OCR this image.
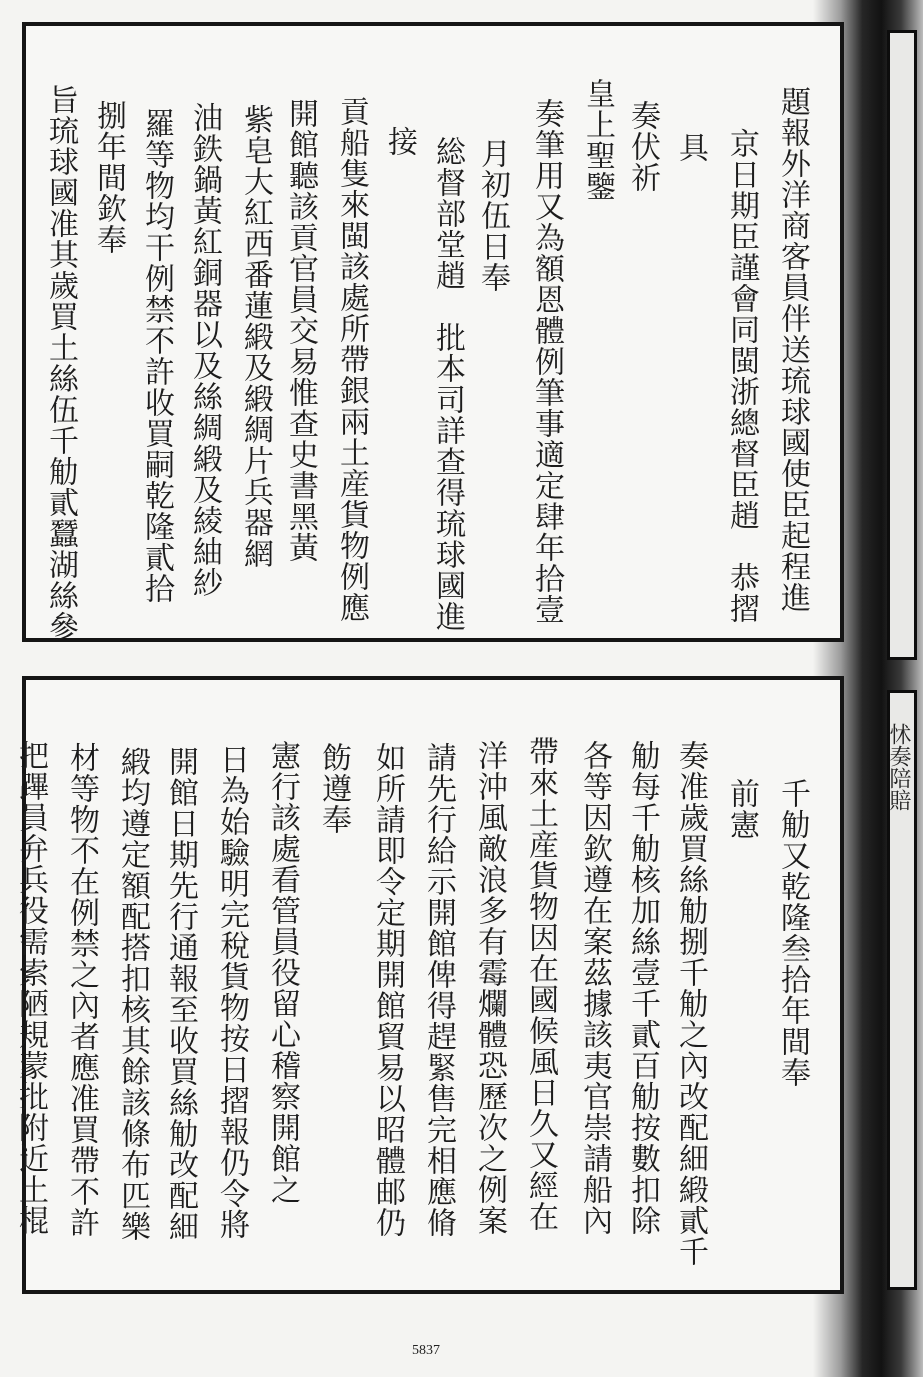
怵奏陪賠
題報外洋商客員伴送琉球國使臣起程進
京日期臣謹會同閩浙總督臣趙　恭摺
具
奏伏祈
皇上聖鑒
奏筆用又為額恩體例筆事適定肆年拾壹
月初伍日奉
総督部堂趙　批本司詳查得琉球國進
接
貢船隻來閩該處所帶銀兩土産貨物例應
開館聽該貢官員交易惟查史書黑黃
紫皂大紅西番蓮緞及緞綢片兵器網
油鉄鍋黃紅銅器以及絲綢緞及綾紬紗
羅等物均干例禁不許收買嗣乾隆貳拾
捌年間欽奉
旨琉球國准其歲買土絲伍千觔貳蠶湖絲參
千觔又乾隆叁拾年間奉
前憲
奏准歲買絲觔捌千觔之內改配細緞貳千
觔每千觔核加絲壹千貳百觔按數扣除
各等因欽遵在案茲據該夷官崇請船內
帶來土産貨物因在國候風日久又經在
洋沖風敵浪多有霉爛體恐歷次之例案
請先行給示開館俾得趕緊售完相應脩
如所請即令定期開館貿易以昭體邮仍
飭遵奉
憲行該處看管員役留心稽察開館之
日為始驗明完稅貨物按日摺報仍令將
開館日期先行通報至收買絲觔改配細
緞均遵定額配搭扣核其餘該條布匹樂
材等物不在例禁之內者應准買帶不許
把蹕員弁兵役需索陋規蒙批附近土棍
5837
